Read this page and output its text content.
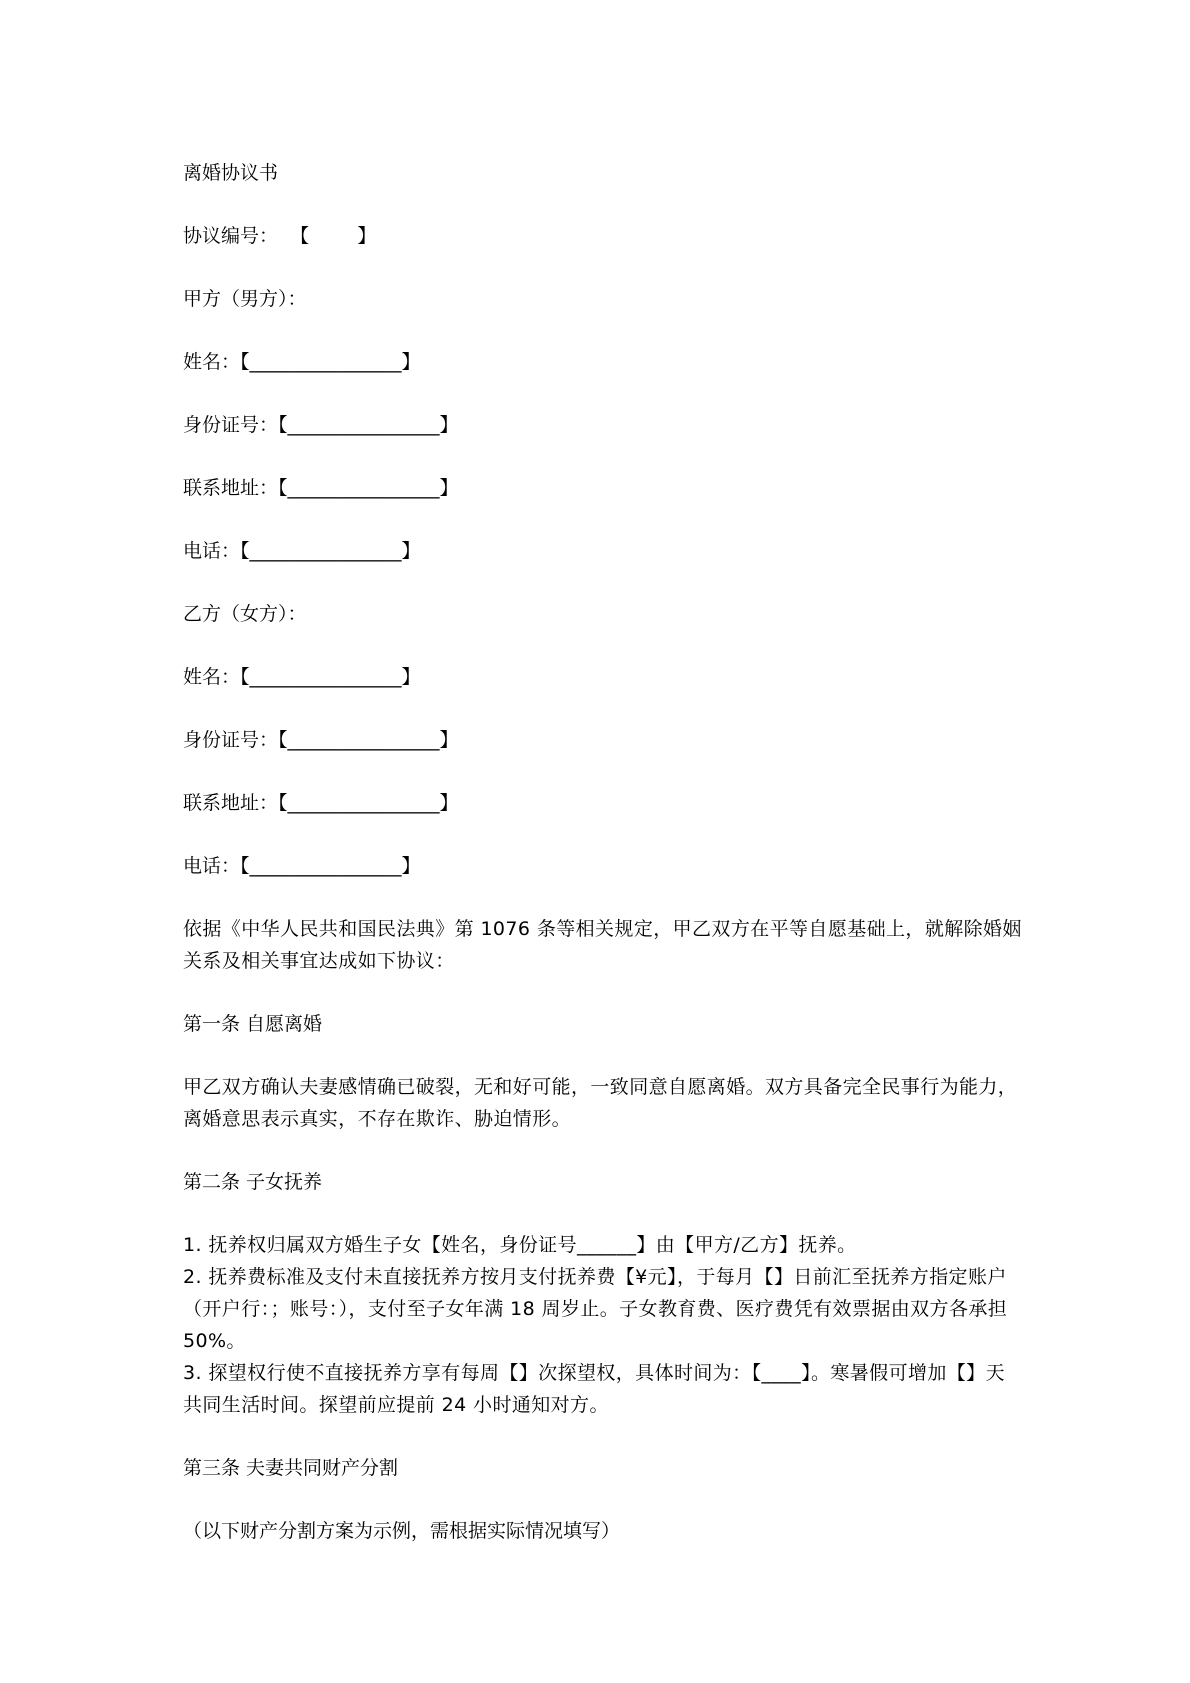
离婚协议书

协议编号：  【        】

甲方（男方）：

姓名：【________________】

身份证号：【________________】

联系地址：【________________】

电话：【________________】

乙方（女方）：

姓名：【________________】

身份证号：【________________】

联系地址：【________________】

电话：【________________】

依据《中华人民共和国民法典》第 1076 条等相关规定，甲乙双方在平等自愿基础上，就解除婚姻关系及相关事宜达成如下协议：

第一条 自愿离婚

甲乙双方确认夫妻感情确已破裂，无和好可能，一致同意自愿离婚。双方具备完全民事行为能力，离婚意思表示真实，不存在欺诈、胁迫情形。

第二条 子女抚养

1. 抚养权归属双方婚生子女【姓名，身份证号______】由【甲方/乙方】抚养。

2. 抚养费标准及支付未直接抚养方按月支付抚养费【¥元】，于每月【】日前汇至抚养方指定账户（开户行：；账号：），支付至子女年满 18 周岁止。子女教育费、医疗费凭有效票据由双方各承担 50%。

3. 探望权行使不直接抚养方享有每周【】次探望权，具体时间为：【____】。寒暑假可增加【】天共同生活时间。探望前应提前 24 小时通知对方。

第三条 夫妻共同财产分割

（以下财产分割方案为示例，需根据实际情况填写）
